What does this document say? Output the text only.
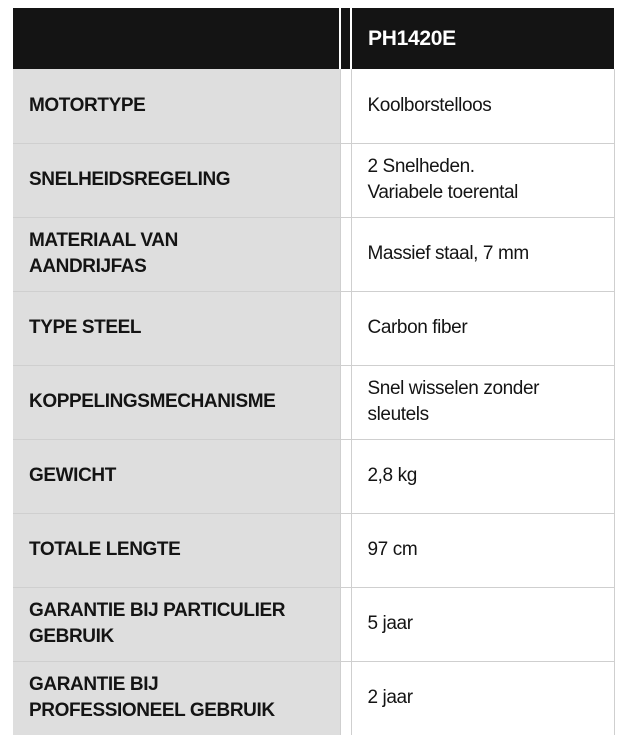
		PH1420E
MOTORTYPE		Koolborstelloos
SNELHEIDSREGELING		2 Snelheden.
Variabele toerental
MATERIAAL VAN
AANDRIJFAS		Massief staal, 7 mm
TYPE STEEL		Carbon fiber
KOPPELINGSMECHANISME		Snel wisselen zonder
sleutels
GEWICHT		2,8 kg
TOTALE LENGTE		97 cm
GARANTIE BIJ PARTICULIER
GEBRUIK		5 jaar
GARANTIE BIJ
PROFESSIONEEL GEBRUIK		2 jaar
